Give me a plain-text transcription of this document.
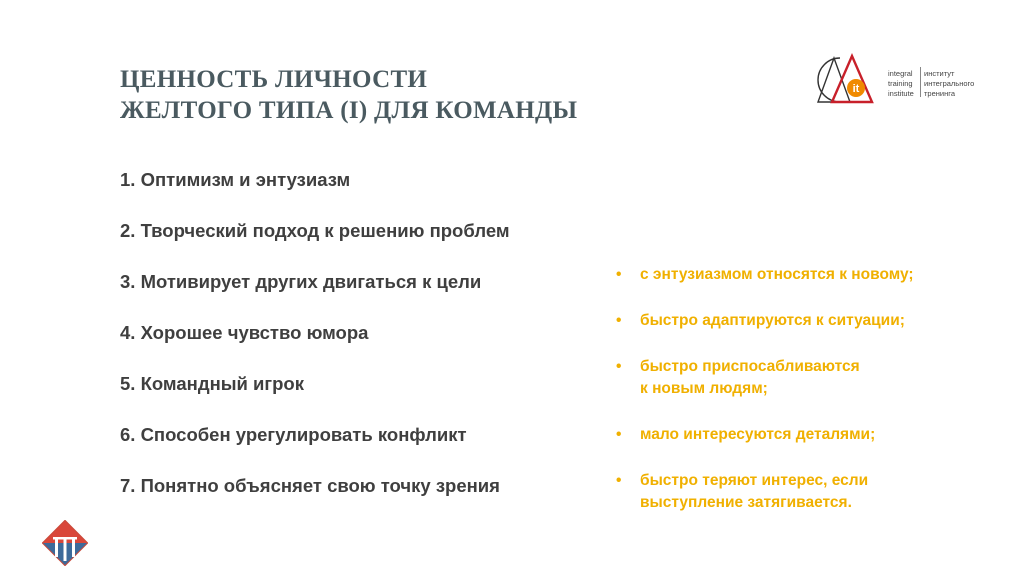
ЦЕННОСТЬ ЛИЧНОСТИ
ЖЕЛТОГО ТИПА (I) ДЛЯ КОМАНДЫ
1. Оптимизм и энтузиазм
2. Творческий подход к решению проблем
3. Мотивирует других двигаться к цели
4. Хорошее чувство юмора
5. Командный игрок
6. Способен урегулировать конфликт
7. Понятно объясняет свою точку зрения
• с энтузиазмом относятся к новому;
• быстро адаптируются к ситуации;
• быстро приспосабливаются
к новым людям;
• мало интересуются деталями;
• быстро теряют интерес, если
выступление затягивается.
it
integral
training
institute
институт
интегрального
тренинга
